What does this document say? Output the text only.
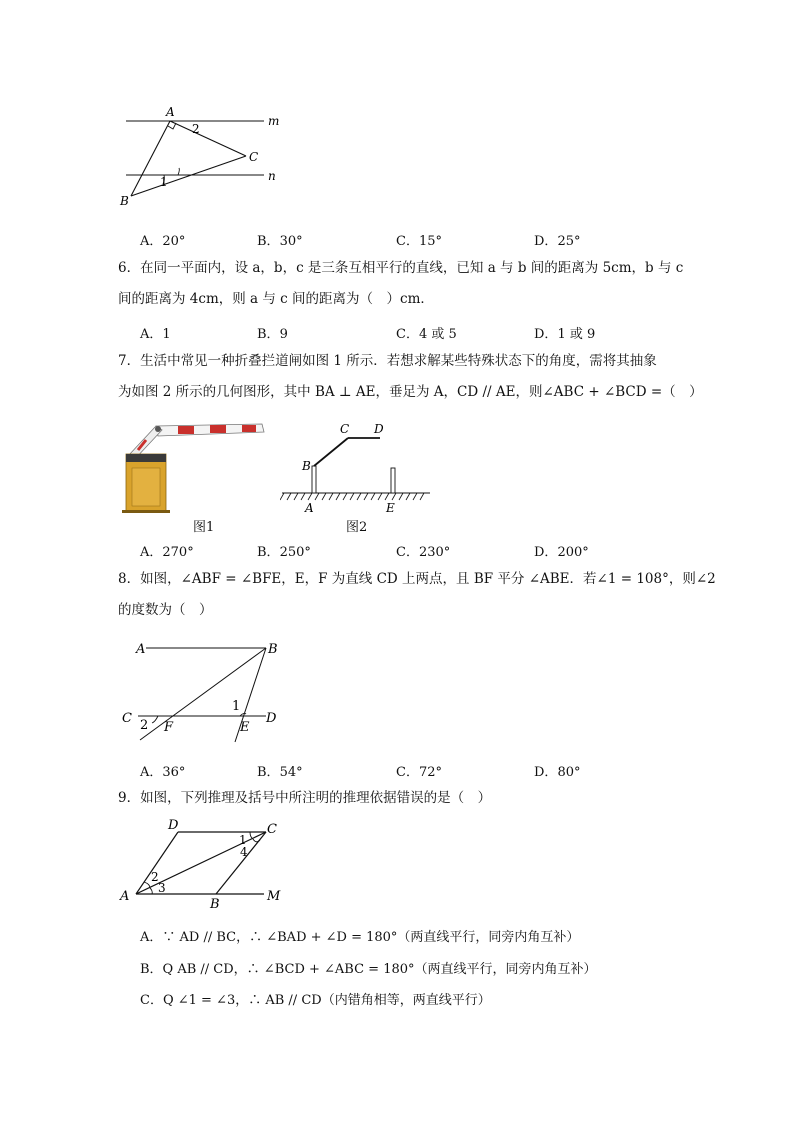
A
2
m
C
1	n
B
A．20°	B．30°	C．15°	D．25°
6．在同一平面内，设 a，b，c 是三条互相平行的直线，已知 a 与 b 间的距离为 5cm，b 与 c
间的距离为 4cm，则 a 与 c 间的距离为（　）cm．
A．1	B．9	C．4 或 5	D．1 或 9
7．生活中常见一种折叠拦道闸如图 1 所示．若想求解某些特殊状态下的角度，需将其抽象
为如图 2 所示的几何图形，其中 BA ⊥ AE，垂足为 A，CD // AE，则∠ABC + ∠BCD =（　）
图1
C D
B
A	E
图2
A．270°	B．250°	C．230°	D．200°
8．如图，∠ABF = ∠BFE，E，F 为直线 CD 上两点，且 BF 平分 ∠ABE．若∠1 = 108°，则∠2
的度数为（　）
A	B
C	D
1
2 F	E
A．36°	B．54°	C．72°	D．80°
9．如图，下列推理及括号中所注明的推理依据错误的是（　）
D	C
1
4
2
3
A
B
M
A．∵ AD // BC，∴ ∠BAD + ∠D = 180°（两直线平行，同旁内角互补）
B．Q AB // CD，∴ ∠BCD + ∠ABC = 180°（两直线平行，同旁内角互补）
C．Q ∠1 = ∠3，∴ AB // CD（内错角相等，两直线平行）
